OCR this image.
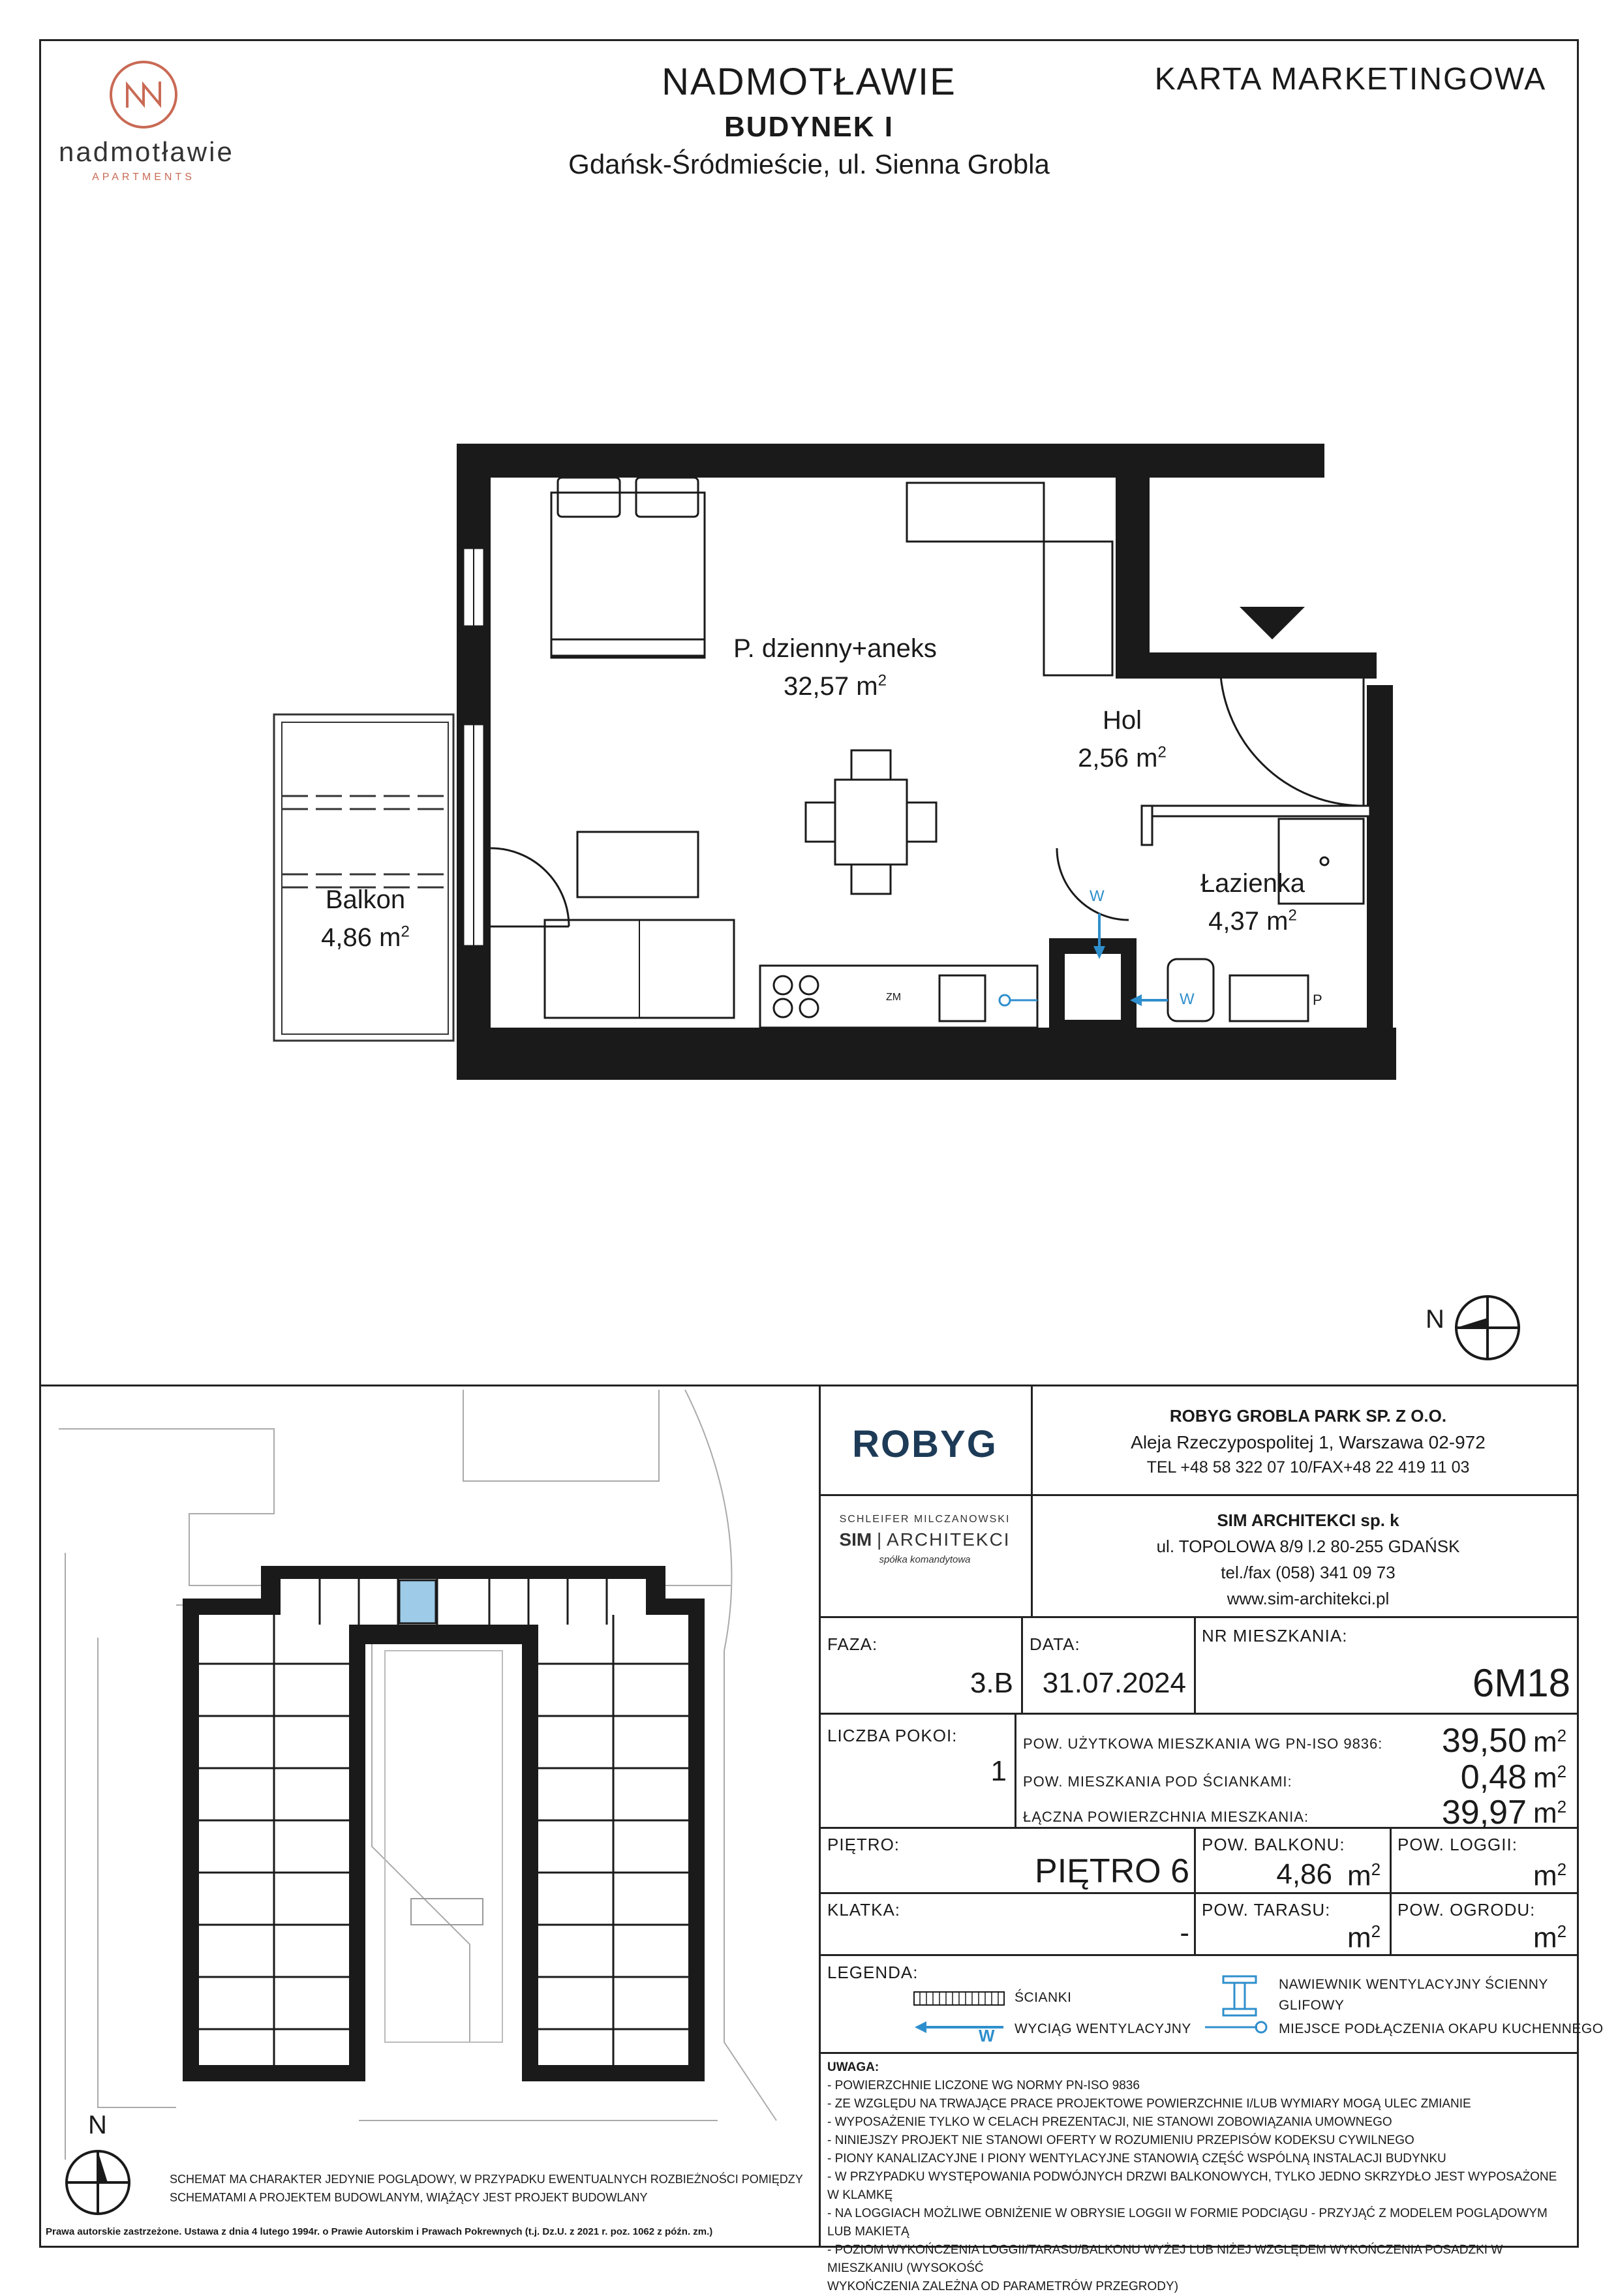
nadmotławie
APARTMENTS
NADMOTŁAWIE
BUDYNEK I
Gdańsk-Śródmieście, ul. Sienna Grobla
KARTA MARKETINGOWA
P. dzienny+aneks
32,57 $m^2$
Hol
2,56 $m^2$
Łazienka
4,37 $m^2$
Balkon
4,86 $m^2$
W
W
ZM	P
N
N
SCHEMAT MA CHARAKTER JEDYNIE POGLĄDOWY, W PRZYPADKU EWENTUALNYCH ROZBIEŻNOŚCI POMIĘDZY
SCHEMATAMI A PROJEKTEM BUDOWLANYM, WIĄŻĄCY JEST PROJEKT BUDOWLANY
Prawa autorskie zastrzeżone. Ustawa z dnia 4 lutego 1994r. o Prawie Autorskim i Prawach Pokrewnych (t.j. Dz.U. z 2021 r. poz. 1062 z późn. zm.)
ROBYG
ROBYG GROBLA PARK SP. Z O.O.
Aleja Rzeczypospolitej 1, Warszawa 02-972
TEL +48 58 322 07 10/FAX+48 22 419 11 03
SCHLEIFER MILCZANOWSKI
SIM | ARCHITEKCI
spółka komandytowa
SIM ARCHITEKCI sp. k
ul. TOPOLOWA 8/9 l.2 80-255 GDAŃSK
tel./fax (058) 341 09 73
www.sim-architekci.pl
FAZA:
3.B
DATA:
31.07.2024
NR MIESZKANIA:
6M18
LICZBA POKOI:
1
POW. UŻYTKOWA MIESZKANIA WG PN-ISO 9836:	39,50 $m^2$
POW. MIESZKANIA POD ŚCIANKAMI:	0,48 $m^2$
ŁĄCZNA POWIERZCHNIA MIESZKANIA:	39,97 $m^2$
PIĘTRO:
PIĘTRO 6
POW. BALKONU:
4,86 $m^2$
POW. LOGGII:
$m^2$
KLATKA:
-
POW. TARASU:
$m^2$
POW. OGRODU:
$m^2$
LEGENDA:
ŚCIANKI
W WYCIĄG WENTYLACYJNY
NAWIEWNIK WENTYLACYJNY ŚCIENNY
GLIFOWY
MIEJSCE PODŁĄCZENIA OKAPU KUCHENNEGO
UWAGA:
- POWIERZCHNIE LICZONE WG NORMY PN-ISO 9836
- ZE WZGLĘDU NA TRWAJĄCE PRACE PROJEKTOWE POWIERZCHNIE I/LUB WYMIARY MOGĄ ULEC ZMIANIE
- WYPOSAŻENIE TYLKO W CELACH PREZENTACJI, NIE STANOWI ZOBOWIĄZANIA UMOWNEGO
- NINIEJSZY PROJEKT NIE STANOWI OFERTY W ROZUMIENIU PRZEPISÓW KODEKSU CYWILNEGO
- PIONY KANALIZACYJNE I PIONY WENTYLACYJNE STANOWIĄ CZĘŚĆ WSPÓLNĄ INSTALACJI BUDYNKU
- W PRZYPADKU WYSTĘPOWANIA PODWÓJNYCH DRZWI BALKONOWYCH, TYLKO JEDNO SKRZYDŁO JEST WYPOSAŻONE W KLAMKĘ
- NA LOGGIACH MOŻLIWE OBNIŻENIE W OBRYSIE LOGGII W FORMIE PODCIĄGU - PRZYJĄĆ Z MODELEM POGLĄDOWYM LUB MAKIETĄ
- POZIOM WYKOŃCZENIA LOGGII/TARASU/BALKONU WYŻEJ LUB NIŻEJ WZGLĘDEM WYKOŃCZENIA POSADZKI W MIESZKANIU (WYSOKOŚĆ
WYKOŃCZENIA ZALEŻNA OD PARAMETRÓW PRZEGRODY)
